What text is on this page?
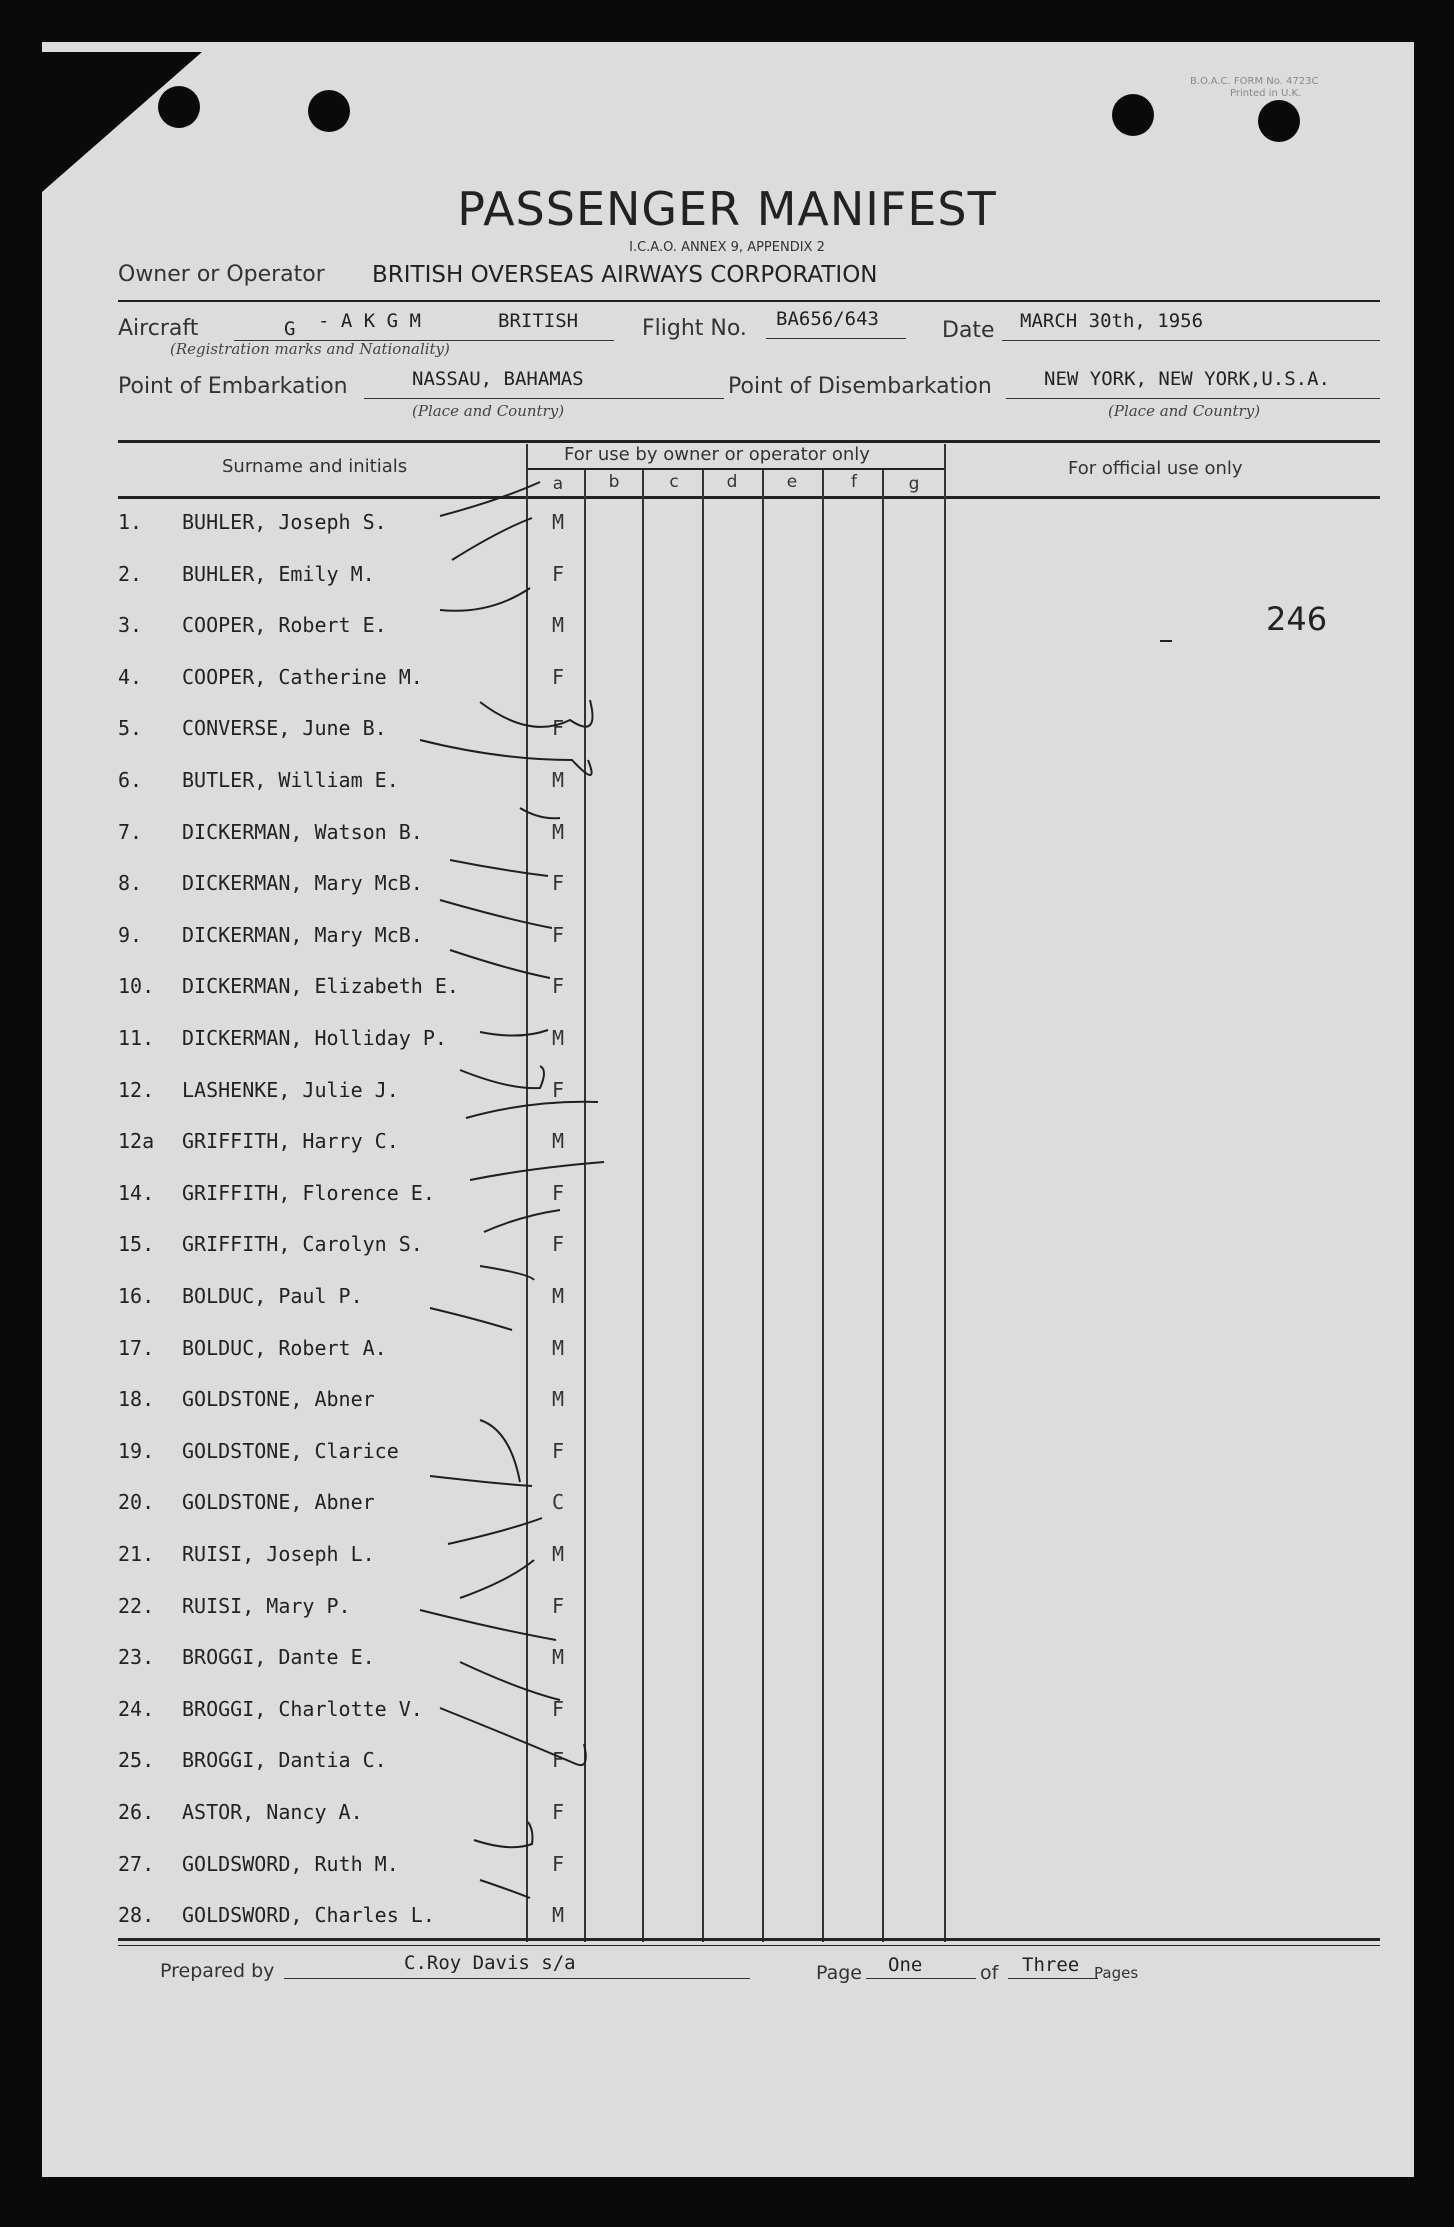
B.O.A.C. FORM No. 4723C
Printed in U.K.
PASSENGER MANIFEST
I.C.A.O. ANNEX 9, APPENDIX 2
Owner or Operator BRITISH OVERSEAS AIRWAYS CORPORATION
Aircraft	G - A K G M	BRITISH
(Registration marks and Nationality)
Flight No. BA656/643	Date MARCH 30th, 1956
Point of Embarkation	NASSAU, BAHAMAS
(Place and Country)
Point of Disembarkation	NEW YORK, NEW YORK,U.S.A.
(Place and Country)
Surname and initials
For use by owner or operator only
For official use only
a	b	c	d	e	f	g
246
1. BUHLER, Joseph S.	M
2. BUHLER, Emily M.	F
3. COOPER, Robert E.	M
4. COOPER, Catherine M.	F
5. CONVERSE, June B.	F
6. BUTLER, William E.	M
7. DICKERMAN, Watson B.	M
8. DICKERMAN, Mary McB.	F
9. DICKERMAN, Mary McB.	F
10. DICKERMAN, Elizabeth E.	F
11. DICKERMAN, Holliday P.	M
12. LASHENKE, Julie J.	F
12a GRIFFITH, Harry C.	M
14. GRIFFITH, Florence E.	F
15. GRIFFITH, Carolyn S.	F
16. BOLDUC, Paul P.	M
17. BOLDUC, Robert A.	M
18. GOLDSTONE, Abner	M
19. GOLDSTONE, Clarice	F
20. GOLDSTONE, Abner	C
21. RUISI, Joseph L.	M
22. RUISI, Mary P.	F
23. BROGGI, Dante E.	M
24. BROGGI, Charlotte V.	F
25. BROGGI, Dantia C.	F
26. ASTOR, Nancy A.	F
27. GOLDSWORD, Ruth M.	F
28. GOLDSWORD, Charles L.	M
Prepared by	C.Roy Davis s/a	Page One	of Three Pages
